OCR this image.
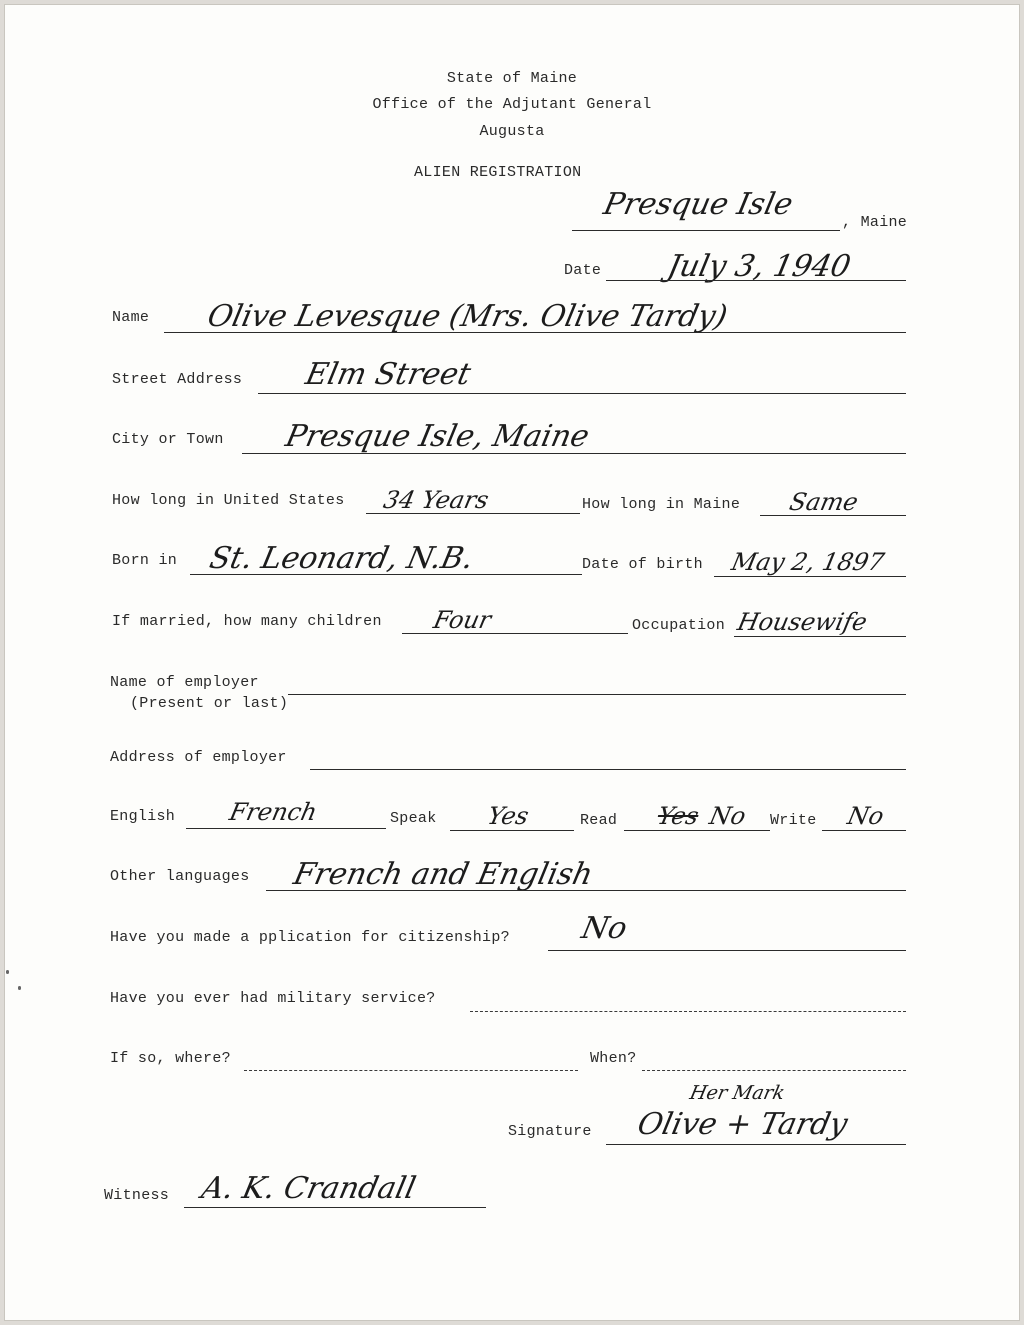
State of Maine
Office of the Adjutant General
Augusta
ALIEN REGISTRATION
Presque Isle
, Maine
Date July 3, 1940
Name Olive Levesque (Mrs. Olive Tardy)
Street Address Elm Street
City or Town Presque Isle, Maine
How long in United States 34 Years	How long in Maine Same
Born in St. Leonard, N.B.	Date of birth May 2, 1897
If married, how many children Four	Occupation Housewife
Name of employer
(Present or last)
Address of employer
English French	Speak Yes	Read Yes No Write No
Other languages French and English
Have you made a pplication for citizenship? No
Have you ever had military service?
If so, where?	When?
Her Mark
Signature Olive + Tardy
Witness A. K. Crandall
